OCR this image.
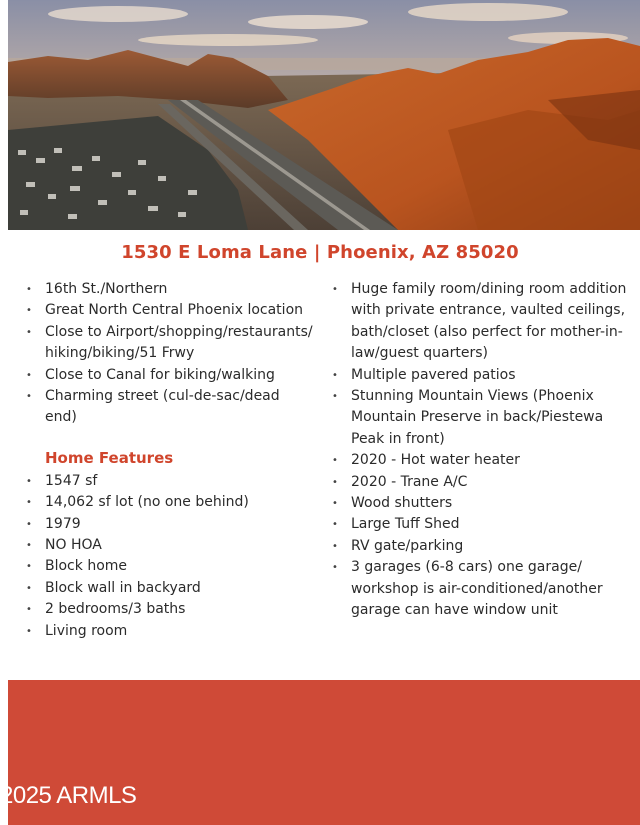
1530 E Loma Lane | Phoenix, AZ 85020
• 16th St./Northern
• Great North Central Phoenix location
• Close to Airport/shopping/restaurants/ hiking/biking/51 Frwy
• Close to Canal for biking/walking
• Charming street (cul-de-sac/dead end)
Home Features
• 1547 sf
• 14,062 sf lot (no one behind)
• 1979
• NO HOA
• Block home
• Block wall in backyard
• 2 bedrooms/3 baths
• Living room
• Huge family room/dining room addition with private entrance, vaulted ceilings, bath/closet (also perfect for mother-in-law/guest quarters)
• Multiple pavered patios
• Stunning Mountain Views (Phoenix Mountain Preserve in back/Piestewa Peak in front)
• 2020 - Hot water heater
• 2020 - Trane A/C
• Wood shutters
• Large Tuff Shed
• RV gate/parking
• 3 garages (6-8 cars) one garage/ workshop is air-conditioned/another garage can have window unit
2025 ARMLS
